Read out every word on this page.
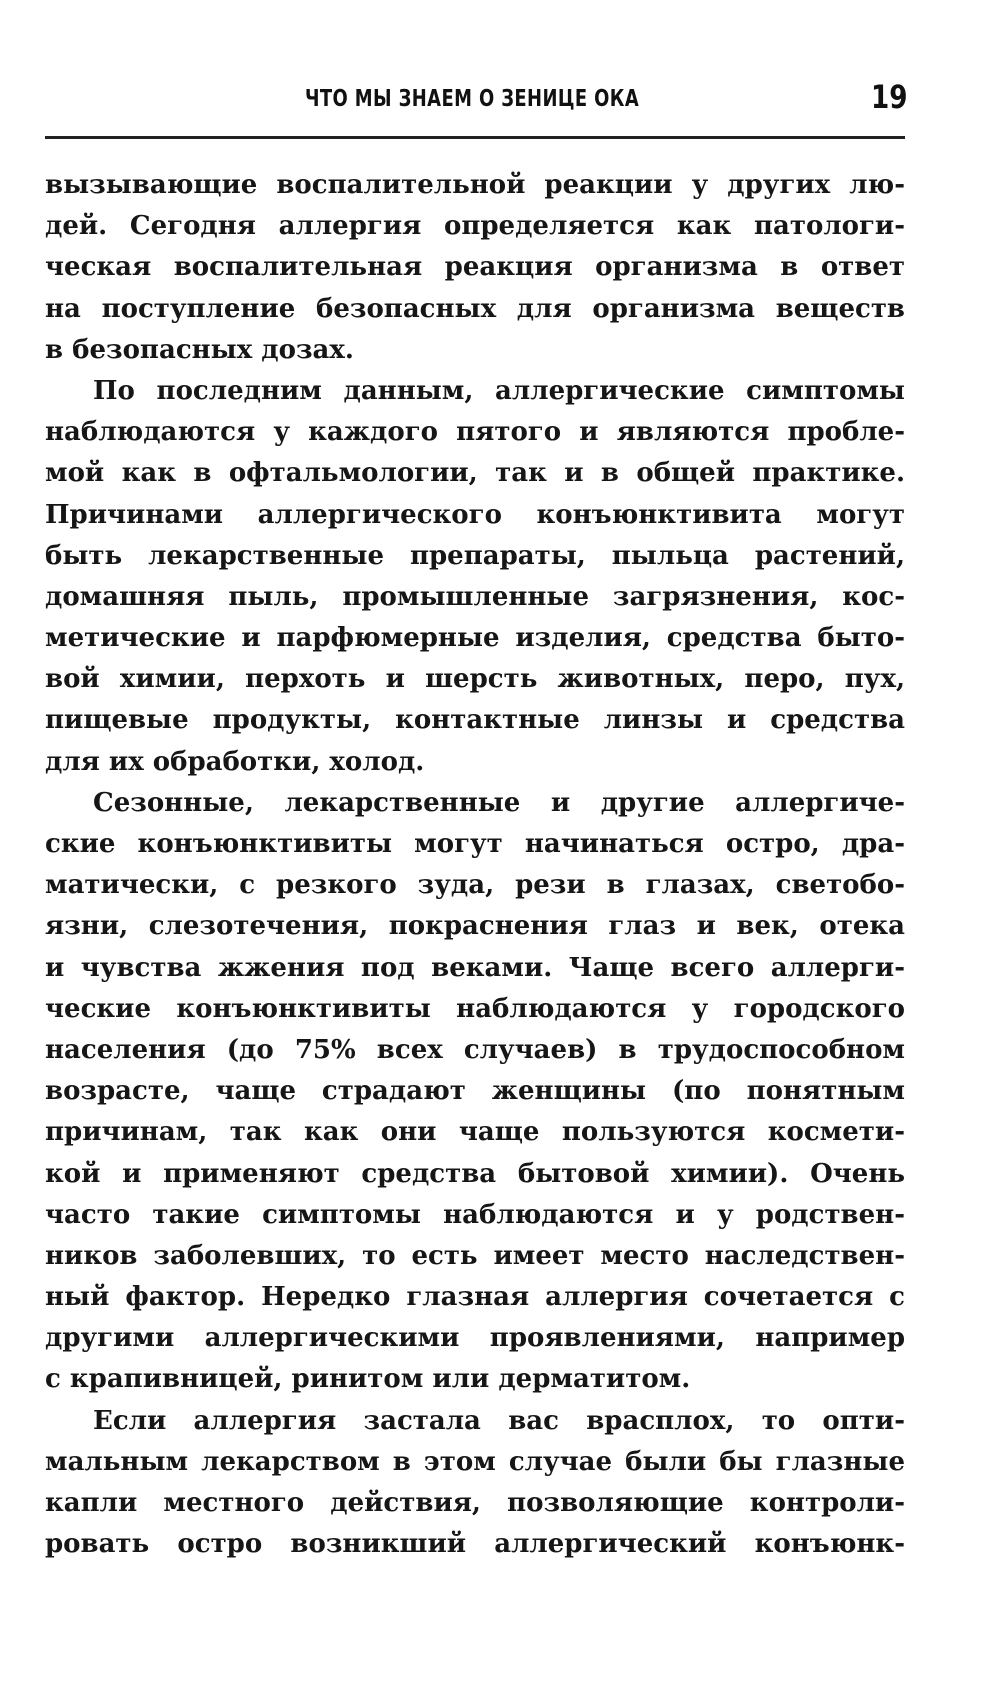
ЧТО МЫ ЗНАЕМ О ЗЕНИЦЕ ОКА	19
вызывающие воспалительной реакции у других лю-
дей. Сегодня аллергия определяется как патологи-
ческая воспалительная реакция организма в ответ
на поступление безопасных для организма веществ
в безопасных дозах.
По последним данным, аллергические симптомы
наблюдаются у каждого пятого и являются пробле-
мой как в офтальмологии, так и в общей практике.
Причинами аллергического конъюнктивита могут
быть лекарственные препараты, пыльца растений,
домашняя пыль, промышленные загрязнения, кос-
метические и парфюмерные изделия, средства быто-
вой химии, перхоть и шерсть животных, перо, пух,
пищевые продукты, контактные линзы и средства
для их обработки, холод.
Сезонные, лекарственные и другие аллергиче-
ские конъюнктивиты могут начинаться остро, дра-
матически, с резкого зуда, рези в глазах, светобо-
язни, слезотечения, покраснения глаз и век, отека
и чувства жжения под веками. Чаще всего аллерги-
ческие конъюнктивиты наблюдаются у городского
населения (до 75% всех случаев) в трудоспособном
возрасте, чаще страдают женщины (по понятным
причинам, так как они чаще пользуются космети-
кой и применяют средства бытовой химии). Очень
часто такие симптомы наблюдаются и у родствен-
ников заболевших, то есть имеет место наследствен-
ный фактор. Нередко глазная аллергия сочетается с
другими аллергическими проявлениями, например
с крапивницей, ринитом или дерматитом.
Если аллергия застала вас врасплох, то опти-
мальным лекарством в этом случае были бы глазные
капли местного действия, позволяющие контроли-
ровать остро возникший аллергический конъюнк-
